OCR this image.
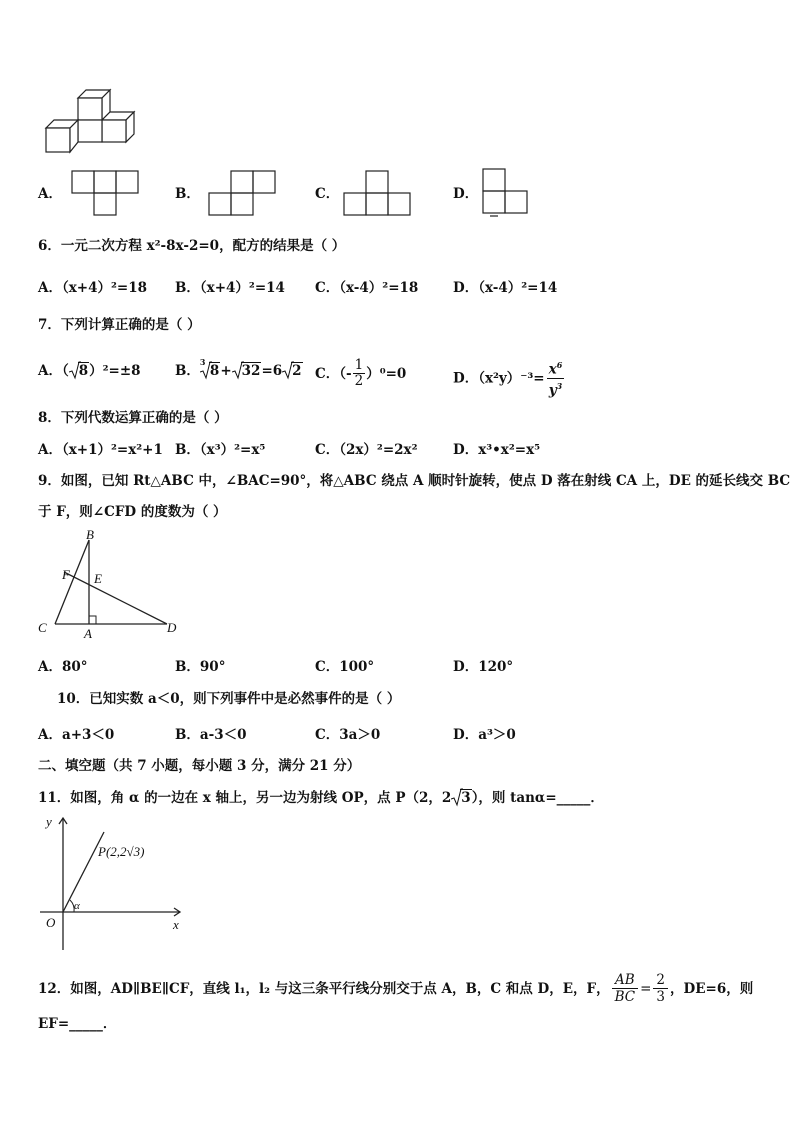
A．	B．	C．	D．
6．一元二次方程 x²-8x-2=0，配方的结果是（ ）
A．（x+4）²=18 B．（x+4）²=14 C．（x-4）²=18	D．（x-4）²=14
7．下列计算正确的是（ ）
A．（ 8）²=±8	B．
3
8+ 32=6 2 C．（- $\frac{1}{2} )^0=0$	D．$(x^2y)^{-3}= \frac{x^6}{y^3}$
8．下列代数运算正确的是（ ）
A．（x+1）²=x²+1 B．（x³）²=x⁵	C．（2x）²=2x²	D．x³•x²=x⁵
9．如图，已知 Rt△ABC 中，∠BAC=90°，将△ABC 绕点 A 顺时针旋转，使点 D 落在射线 CA 上，DE 的延长线交 BC
于 F，则∠CFD 的度数为（ ）
B
F E
C	A	D
A．80°	B．90°	C．100°	D．120°
10．已知实数 a＜0，则下列事件中是必然事件的是（ ）
A．a+3＜0	B．a-3＜0	C．3a＞0	D．a³＞0
二、填空题（共 7 小题，每小题 3 分，满分 21 分）
11．如图，角 α 的一边在 x 轴上，另一边为射线 OP，点 P（2，2 3），则 tanα=_____．
y
x
O
α
P(2,2√3)
12．如图，AD∥BE∥CF，直线 l₁，l₂ 与这三条平行线分别交于点 A，B，C 和点 D，E，F， $\frac{AB}{BC} = \frac{2}{3}$ ，DE=6，则
EF=_____．
